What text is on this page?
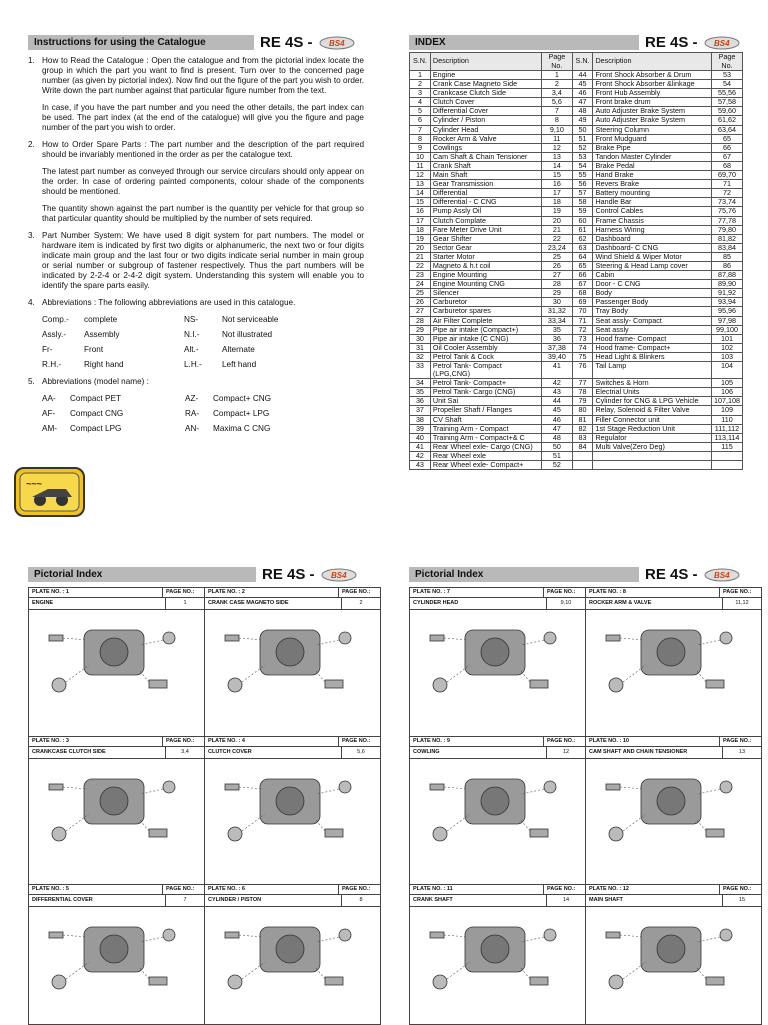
Instructions for using the Catalogue	RE 4S - BS4	INDEX	RE 4S - BS4
1. How to Read the Catalogue : Open the catalogue and from the pictorial index locate the group in which the part you want to find is present. Turn over to the concerned page number (as given by pictorial index). Now find out the figure of the part you wish to order. Write down the part number against that particular figure number from the text.
In case, if you have the part number and you need the other details, the part index can be used. The part index (at the end of the catalogue) will give you the figure and page number of the part you wish to order.
2. How to Order Spare Parts : The part number and the description of the part required should be invariably mentioned in the order as per the catalogue text.
The latest part number as conveyed through our service circulars should only appear on the order. In case of ordering painted components, colour shade of the components should be mentioned.
The quantity shown against the part number is the quantity per vehicle for that group so that particular quantity should be multiplied by the number of sets required.
3. Part Number System: We have used 8 digit system for part numbers. The model or hardware item is indicated by first two digits or alphanumeric, the next two or four digits indicate main group and the last four or two digits indicate serial number in main group or serial number or subgroup of fastener respectively. Thus the part numbers will be indicated by 2-2-4 or 2-4-2 digit system. Understanding this system will enable you to identify the spare parts easily.
4. Abbreviations : The following abbreviations are used in this catalogue.
Comp.-	complete	NS-	Not serviceable
Assly.-	Assembly	N.I.-	Not illustrated
Fr-	Front	Alt.-	Alternate
R.H.-	Right hand	L.H.-	Left hand
5. Abbreviations (model name) :
AA-	Compact PET	AZ-	Compact+ CNG
AF-	Compact CNG	RA-	Compact+ LPG
AM-	Compact LPG	AN-	Maxima C CNG
~~~
S.N.	Description	Page No.	S.N.	Description	Page No.
1	Engine	1	44	Front Shock Absorber & Drum	53
2	Crank Case Magneto Side	2	45	Front Shock Absorber &linkage	54
3	Crankcase Clutch Side	3,4	46	Front Hub Assembly	55,56
4	Clutch Cover	5,6	47	Front brake drum	57,58
5	Differential Cover	7	48	Auto Adjuster Brake System	59,60
6	Cylinder / Piston	8	49	Auto Adjuster Brake System	61,62
7	Cylinder Head	9,10	50	Steering Column	63,64
8	Rocker Arm & Valve	11	51	Front Mudguard	65
9	Cowlings	12	52	Brake Pipe	66
10	Cam Shaft & Chain Tensioner	13	53	Tandon Master Cylinder	67
11	Crank Shaft	14	54	Brake Pedal	68
12	Main Shaft	15	55	Hand Brake	69,70
13	Gear Transmission	16	56	Revers Brake	71
14	Differential	17	57	Battery mounting	72
15	Differential - C CNG	18	58	Handle Bar	73,74
16	Pump Assly Oil	19	59	Control Cables	75,76
17	Clutch Complate	20	60	Frame Chassis	77,78
18	Fare Meter Drive Unit	21	61	Harness Wiring	79,80
19	Gear Shifter	22	62	Dashboard	81,82
20	Sector Gear	23,24	63	Dashboard- C CNG	83,84
21	Starter Motor	25	64	Wind Shield & Wiper Motor	85
22	Magneto & h.t coil	26	65	Steering & Head Lamp cover	86
23	Engine Mounting	27	66	Cabin	87,88
24	Engine Mounting CNG	28	67	Door - C CNG	89,90
25	Silencer	29	68	Body	91,92
26	Carburetor	30	69	Passenger Body	93,94
27	Carburetor spares	31,32	70	Tray Body	95,96
28	Air Filter Complete	33,34	71	Seat assly- Compact	97,98
29	Pipe air intake (Compact+)	35	72	Seat assly	99,100
30	Pipe air intake (C CNG)	36	73	Hood frame- Compact	101
31	Oil Cooler Assembly	37,38	74	Hood frame- Compact+	102
32	Petrol Tank & Cock	39,40	75	Head Light & Blinkers	103
33	Petrol Tank- Compact (LPG,CNG)	41	76	Tail Lamp	104
34	Petrol Tank- Compact+	42	77	Switches & Horn	105
35	Petrol Tank- Cargo (CNG)	43	78	Electrial Units	106
36	Unit Sai	44	79	Cylinder for CNG & LPG Vehicle	107,108
37	Propeller Shaft / Flanges	45	80	Relay, Solenoid & Filter Valve	109
38	CV Shaft	46	81	Filler Connector unit	110
39	Training Arm - Compact	47	82	1st Stage Reduction Unit	111,112
40	Training Arm - Compact+& C	48	83	Regulator	113,114
41	Rear Wheel exle- Cargo (CNG)	50	84	Multi Valve(Zero Deg)	115
42	Rear Wheel exle	51			
43	Rear Wheel exle- Compact+	52			
Pictorial Index	RE 4S - BS4
PLATE NO. : 1	PAGE NO.:
ENGINE	1
PLATE NO. : 2	PAGE NO.:
CRANK CASE MAGNETO SIDE	2
PLATE NO. : 3	PAGE NO.:
CRANKCASE CLUTCH SIDE	3,4
PLATE NO. : 4	PAGE NO.:
CLUTCH COVER	5,6
PLATE NO. : 5	PAGE NO.:
DIFFERENTIAL COVER	7
PLATE NO. : 6	PAGE NO.:
CYLINDER / PISTON	8
Pictorial Index	RE 4S - BS4
PLATE NO. : 7	PAGE NO.:
CYLINDER HEAD	9,10
PLATE NO. : 8	PAGE NO.:
ROCKER ARM & VALVE	11,12
PLATE NO. : 9	PAGE NO.:
COWLING	12
PLATE NO. : 10	PAGE NO.:
CAM SHAFT AND CHAIN TENSIONER	13
PLATE NO. : 11	PAGE NO.:
CRANK SHAFT	14
PLATE NO. : 12	PAGE NO.:
MAIN SHAFT	15
